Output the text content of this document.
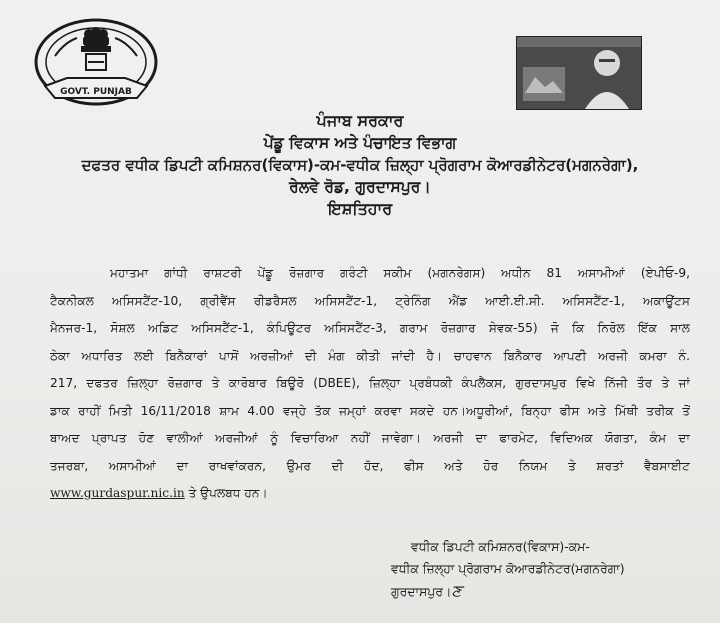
GOVT. PUNJAB
ਪੰਜਾਬ ਸਰਕਾਰ
ਪੇਂਡੂ ਵਿਕਾਸ ਅਤੇ ਪੰਚਾਇਤ ਵਿਭਾਗ
ਦਫਤਰ ਵਧੀਕ ਡਿਪਟੀ ਕਮਿਸ਼ਨਰ(ਵਿਕਾਸ)-ਕਮ-ਵਧੀਕ ਜ਼ਿਲ੍ਹਾ ਪ੍ਰੋਗਰਾਮ ਕੋਆਰਡੀਨੇਟਰ(ਮਗਨਰੇਗਾ),
ਰੇਲਵੇ ਰੋਡ, ਗੁਰਦਾਸਪੁਰ।
ਇਸ਼ਤਿਹਾਰ
ਮਹਾਤਮਾ ਗਾਂਧੀ ਰਾਸ਼ਟਰੀ ਪੇਂਡੂ ਰੋਜ਼ਗਾਰ ਗਰੰਟੀ ਸਕੀਮ (ਮਗਨਰੇਗਸ) ਅਧੀਨ 81 ਅਸਾਮੀਆਂ (ਏਪੀਓ-9,
ਟੈਕਨੀਕਲ ਅਸਿਸਟੈਂਟ-10, ਗ੍ਰੀਵੈਂਸ ਰੀਡਰੈਸਲ ਅਸਿਸਟੈਂਟ-1, ਟ੍ਰੇਨਿੰਗ ਐਂਡ ਆਈ.ਈ.ਸੀ. ਅਸਿਸਟੈਂਟ-1, ਅਕਾਊਂਟਸ
ਮੈਨਜਰ-1, ਸੋਸ਼ਲ ਅਡਿਟ ਅਸਿਸਟੈਂਟ-1, ਕੰਪਿਊਟਰ ਅਸਿਸਟੈਂਟ-3, ਗਰਾਮ ਰੋਜ਼ਗਾਰ ਸੇਵਕ-55) ਜੋ ਕਿ ਨਿਰੋਲ ਇੱਕ ਸਾਲ
ਠੇਕਾ ਅਧਾਰਿਤ ਲਈ ਬਿਨੈਕਾਰਾਂ ਪਾਸੋਂ ਅਰਜ਼ੀਆਂ ਦੀ ਮੰਗ ਕੀਤੀ ਜਾਂਦੀ ਹੈ। ਚਾਹਵਾਨ ਬਿਨੈਕਾਰ ਆਪਣੀ ਅਰਜੀ ਕਮਰਾ ਨੰ.
217, ਦਫਤਰ ਜ਼ਿਲ੍ਹਾ ਰੋਜ਼ਗਾਰ ਤੇ ਕਾਰੋਬਾਰ ਬਿਊਰੋ (DBEE), ਜ਼ਿਲ੍ਹਾ ਪ੍ਰਬੰਧਕੀ ਕੰਪਲੈਕਸ, ਗੁਰਦਾਸਪੁਰ ਵਿਖੇ ਨਿੱਜੀ ਤੌਰ ਤੇ ਜਾਂ
ਡਾਕ ਰਾਹੀਂ ਮਿਤੀ 16/11/2018 ਸ਼ਾਮ 4.00 ਵਜ੍ਹੇ ਤੱਕ ਜਮ੍ਹਾਂ ਕਰਵਾ ਸਕਦੇ ਹਨ।ਅਧੂਰੀਆਂ, ਬਿਨ੍ਹਾ ਫੀਸ ਅਤੇ ਮਿੱਥੀ ਤਰੀਕ ਤੋਂ
ਬਾਅਦ ਪ੍ਰਾਪਤ ਹੋਣ ਵਾਲੀਆਂ ਅਰਜੀਆਂ ਨੂੰ ਵਿਚਾਰਿਆ ਨਹੀਂ ਜਾਵੇਗਾ। ਅਰਜੀ ਦਾ ਫਾਰਮੇਟ, ਵਿਦਿਅਕ ਯੋਗਤਾ, ਕੰਮ ਦਾ
ਤਜਰਬਾ, ਅਸਾਮੀਆਂ ਦਾ ਰਾਖਵਾਂਕਰਨ, ਉਮਰ ਦੀ ਹੱਦ, ਫੀਸ ਅਤੇ ਹੋਰ ਨਿਯਮ ਤੇ ਸ਼ਰਤਾਂ ਵੈਬਸਾਈਟ
www.gurdaspur.nic.in ਤੇ ਉਪਲਬਧ ਹਨ।
ਵਧੀਕ ਡਿਪਟੀ ਕਮਿਸ਼ਨਰ(ਵਿਕਾਸ)-ਕਮ-
ਵਧੀਕ ਜ਼ਿਲ੍ਹਾ ਪ੍ਰੋਗਰਾਮ ਕੋਆਰਡੀਨੇਟਰ(ਮਗਨਰੇਗਾ)
ਗੁਰਦਾਸਪੁਰ।ਣ
